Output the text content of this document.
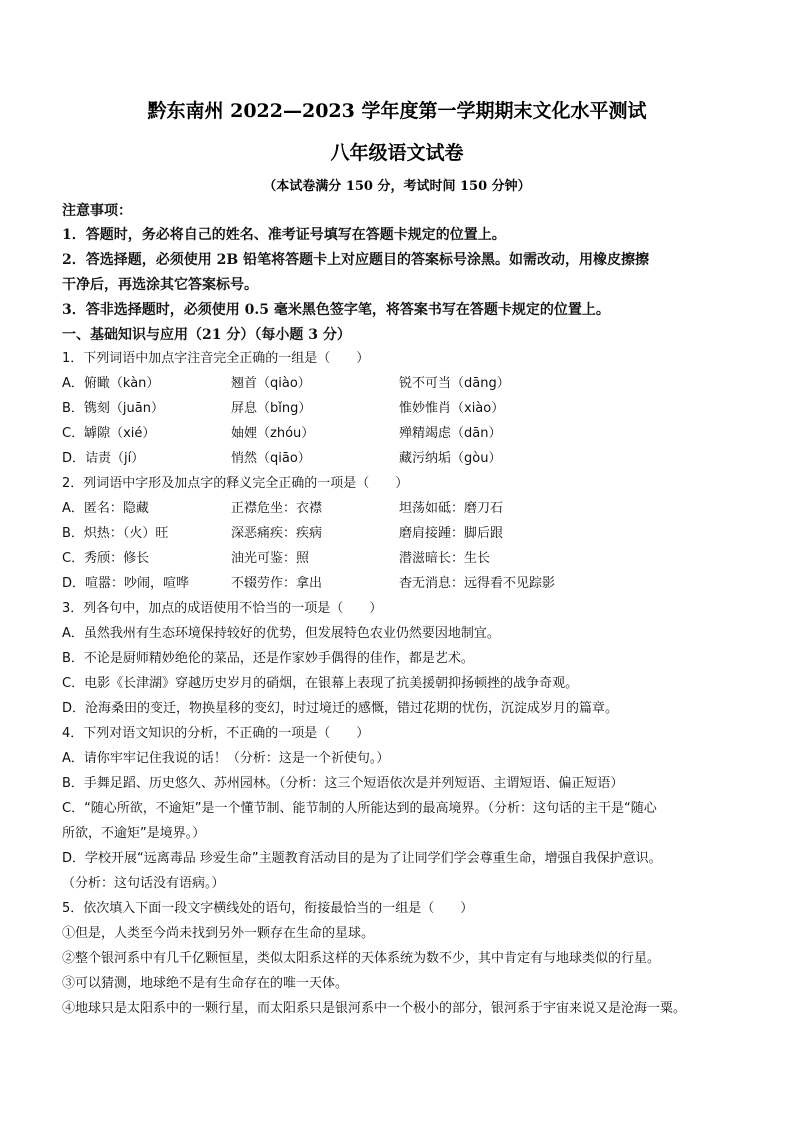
黔东南州 2022—2023 学年度第一学期期末文化水平测试
八年级语文试卷
（本试卷满分 150 分，考试时间 150 分钟）
注意事项：
1．答题时，务必将自己的姓名、准考证号填写在答题卡规定的位置上。
2．答选择题，必须使用 2B 铅笔将答题卡上对应题目的答案标号涂黑。如需改动，用橡皮擦擦
干净后，再选涂其它答案标号。
3．答非选择题时，必须使用 0.5 毫米黑色签字笔，将答案书写在答题卡规定的位置上。
一、基础知识与应用（21 分）（每小题 3 分）
1．下列词语中加点字注音完全正确的一组是（　　）
A．俯瞰（kàn）	翘首（qiào）	锐不可当（dāng）
B．镌刻（juān）	屏息（bǐng）	惟妙惟肖（xiào）
C．罅隙（xié）	妯娌（zhóu）	殚精竭虑（dān）
D．诘责（jí）	悄然（qiāo）	藏污纳垢（gòu）
2．列词语中字形及加点字的释义完全正确的一项是（　　）
A．匿名：隐藏	正襟危坐：衣襟	坦荡如砥：磨刀石
B．炽热：（火）旺	深恶痛疾：疾病	磨肩接踵：脚后跟
C．秀颀：修长	油光可鉴：照	潜滋暗长：生长
D．喧嚣：吵闹，喧哗	不辍劳作：拿出	杳无消息：远得看不见踪影
3．列各句中，加点的成语使用不恰当的一项是（　　）
A．虽然我州有生态环境保持较好的优势，但发展特色农业仍然要因地制宜。
B．不论是厨师精妙绝伦的菜品，还是作家妙手偶得的佳作，都是艺术。
C．电影《长津湖》穿越历史岁月的硝烟，在银幕上表现了抗美援朝抑扬顿挫的战争奇观。
D．沧海桑田的变迁，物换星移的变幻，时过境迁的感慨，错过花期的忧伤，沉淀成岁月的篇章。
4．下列对语文知识的分析，不正确的一项是（　　）
A．请你牢牢记住我说的话！（分析：这是一个祈使句。）
B．手舞足蹈、历史悠久、苏州园林。（分析：这三个短语依次是并列短语、主谓短语、偏正短语）
C．“随心所欲，不逾矩”是一个懂节制、能节制的人所能达到的最高境界。（分析：这句话的主干是“随心
所欲，不逾矩”是境界。）
D．学校开展“远离毒品 珍爱生命”主题教育活动目的是为了让同学们学会尊重生命，增强自我保护意识。
（分析：这句话没有语病。）
5．依次填入下面一段文字横线处的语句，衔接最恰当的一组是（　　）
①但是，人类至今尚未找到另外一颗存在生命的星球。
②整个银河系中有几千亿颗恒星，类似太阳系这样的天体系统为数不少，其中肯定有与地球类似的行星。
③可以猜测，地球绝不是有生命存在的唯一天体。
④地球只是太阳系中的一颗行星，而太阳系只是银河系中一个极小的部分，银河系于宇宙来说又是沧海一粟。
